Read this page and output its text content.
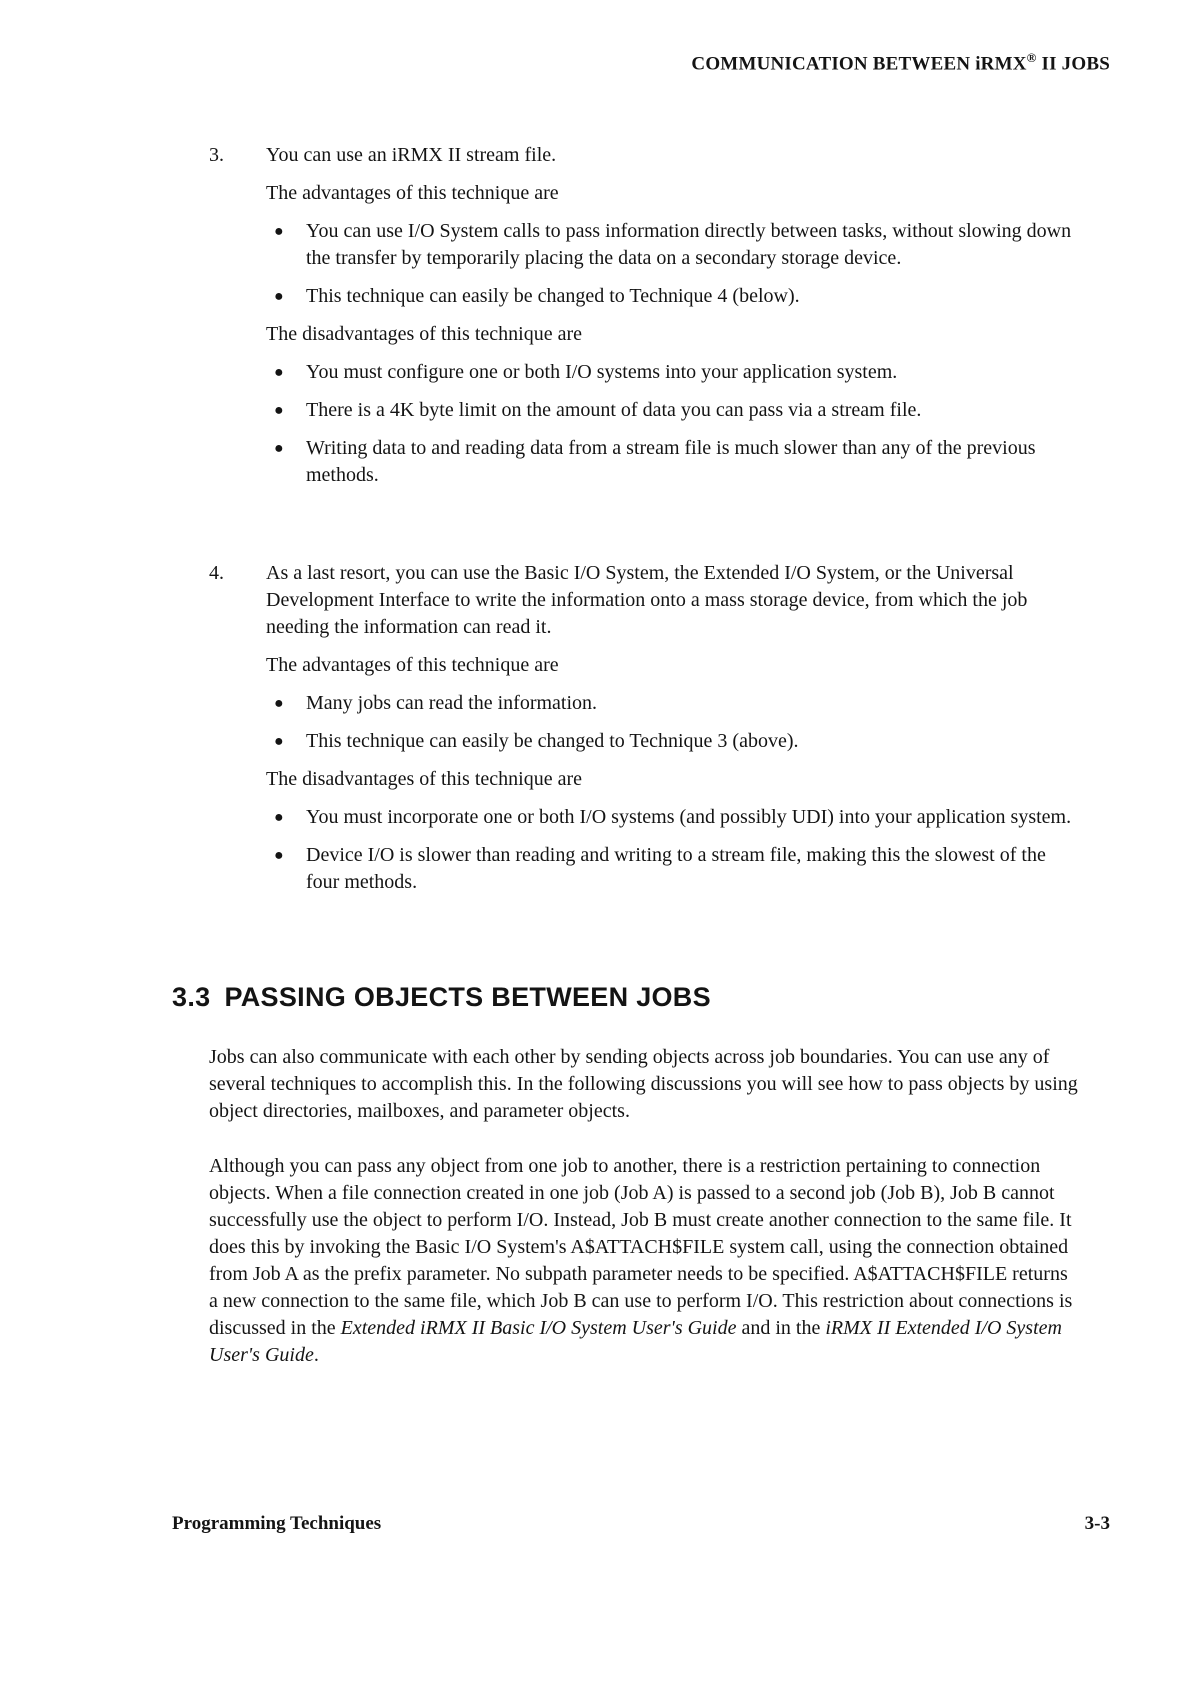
COMMUNICATION BETWEEN iRMX® II JOBS
3. You can use an iRMX II stream file.

The advantages of this technique are

● You can use I/O System calls to pass information directly between tasks, without slowing down the transfer by temporarily placing the data on a secondary storage device.
● This technique can easily be changed to Technique 4 (below).

The disadvantages of this technique are

● You must configure one or both I/O systems into your application system.
● There is a 4K byte limit on the amount of data you can pass via a stream file.
● Writing data to and reading data from a stream file is much slower than any of the previous methods.
4. As a last resort, you can use the Basic I/O System, the Extended I/O System, or the Universal Development Interface to write the information onto a mass storage device, from which the job needing the information can read it.

The advantages of this technique are

● Many jobs can read the information.
● This technique can easily be changed to Technique 3 (above).

The disadvantages of this technique are

● You must incorporate one or both I/O systems (and possibly UDI) into your application system.
● Device I/O is slower than reading and writing to a stream file, making this the slowest of the four methods.
3.3 PASSING OBJECTS BETWEEN JOBS

Jobs can also communicate with each other by sending objects across job boundaries. You can use any of several techniques to accomplish this. In the following discussions you will see how to pass objects by using object directories, mailboxes, and parameter objects.

Although you can pass any object from one job to another, there is a restriction pertaining to connection objects. When a file connection created in one job (Job A) is passed to a second job (Job B), Job B cannot successfully use the object to perform I/O. Instead, Job B must create another connection to the same file. It does this by invoking the Basic I/O System's A$ATTACH$FILE system call, using the connection obtained from Job A as the prefix parameter. No subpath parameter needs to be specified. A$ATTACH$FILE returns a new connection to the same file, which Job B can use to perform I/O. This restriction about connections is discussed in the Extended iRMX II Basic I/O System User's Guide and in the iRMX II Extended I/O System User's Guide.

Programming Techniques	3-3
